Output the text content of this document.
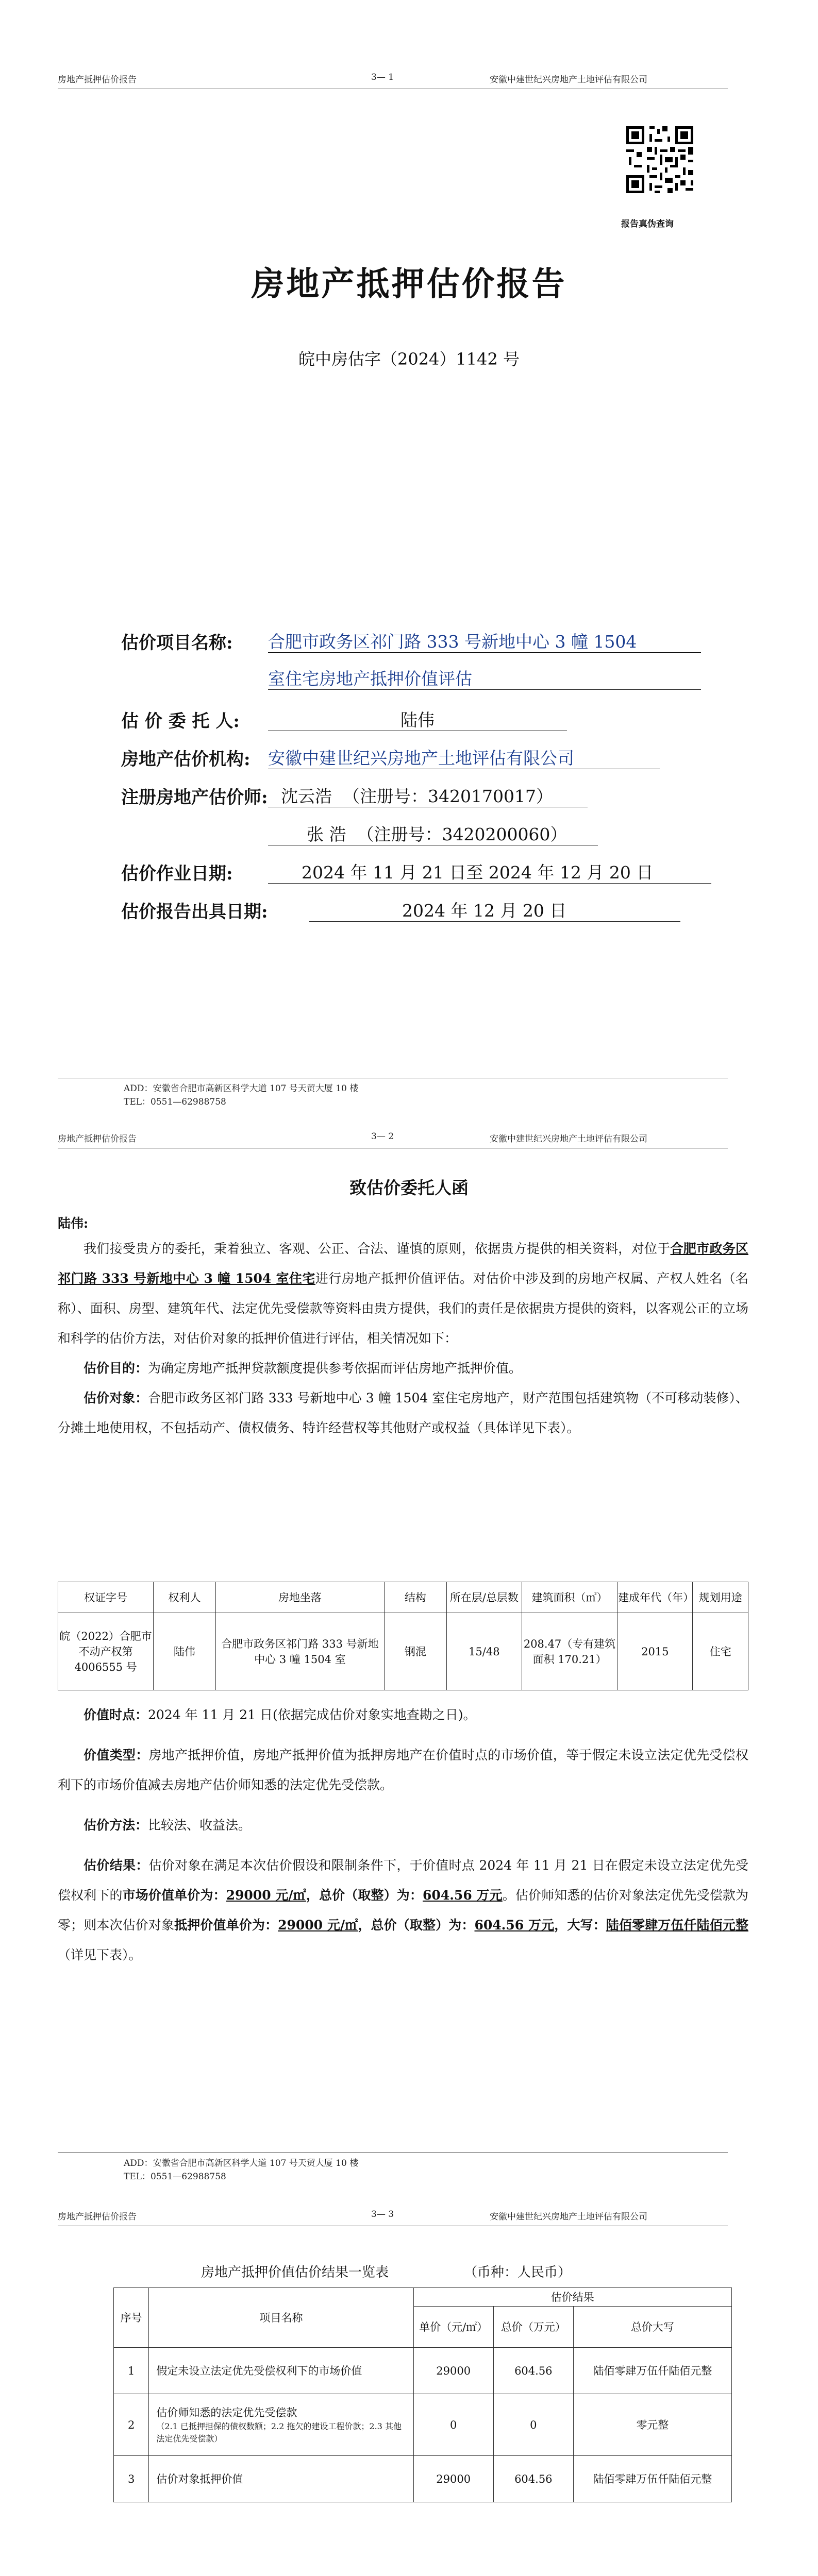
房地产抵押估价报告	3— 1	安徽中建世纪兴房地产土地评估有限公司
报告真伪查询
房地产抵押估价报告
皖中房估字（2024）1142 号
估价项目名称: 合肥市政务区祁门路 333 号新地中心 3 幢 1504
室住宅房地产抵押价值评估
估 价 委 托 人:	陆伟
房地产估价机构: 安徽中建世纪兴房地产土地评估有限公司
注册房地产估价师: 沈云浩  （注册号：3420170017）
张 浩  （注册号：3420200060）
估价作业日期:	2024 年 11 月 21 日至 2024 年 12 月 20 日
估价报告出具日期:	2024 年 12 月 20 日
ADD：安徽省合肥市高新区科学大道 107 号天贸大厦 10 楼
TEL：0551—62988758
房地产抵押估价报告	3— 2	安徽中建世纪兴房地产土地评估有限公司
致估价委托人函
陆伟:
我们接受贵方的委托，秉着独立、客观、公正、合法、谨慎的原则，依据贵方提供的相关资料，对位于合肥市政务区祁门路 333 号新地中心 3 幢 1504 室住宅进行房地产抵押价值评估。对估价中涉及到的房地产权属、产权人姓名（名称）、面积、房型、建筑年代、法定优先受偿款等资料由贵方提供，我们的责任是依据贵方提供的资料，以客观公正的立场和科学的估价方法，对估价对象的抵押价值进行评估，相关情况如下：
估价目的：为确定房地产抵押贷款额度提供参考依据而评估房地产抵押价值。
估价对象：合肥市政务区祁门路 333 号新地中心 3 幢 1504 室住宅房地产，财产范围包括建筑物（不可移动装修）、分摊土地使用权，不包括动产、债权债务、特许经营权等其他财产或权益（具体详见下表）。
权证字号	权利人	房地坐落	结构	所在层/总层数	建筑面积（㎡）	建成年代（年）	规划用途
皖（2022）合肥市不动产权第 4006555 号	陆伟	合肥市政务区祁门路 333 号新地中心 3 幢 1504 室	钢混	15/48	208.47（专有建筑面积 170.21）	2015	住宅
价值时点：2024 年 11 月 21 日(依据完成估价对象实地查勘之日)。
价值类型：房地产抵押价值，房地产抵押价值为抵押房地产在价值时点的市场价值，等于假定未设立法定优先受偿权利下的市场价值减去房地产估价师知悉的法定优先受偿款。
估价方法：比较法、收益法。
估价结果：估价对象在满足本次估价假设和限制条件下，于价值时点 2024 年 11 月 21 日在假定未设立法定优先受偿权利下的市场价值单价为：29000 元/㎡，总价（取整）为：604.56 万元。估价师知悉的估价对象法定优先受偿款为零；则本次估价对象抵押价值单价为：29000 元/㎡，总价（取整）为：604.56 万元，大写：陆佰零肆万伍仟陆佰元整（详见下表）。
ADD：安徽省合肥市高新区科学大道 107 号天贸大厦 10 楼
TEL：0551—62988758
房地产抵押估价报告	3— 3	安徽中建世纪兴房地产土地评估有限公司
房地产抵押价值估价结果一览表	（币种：人民币）
序号	项目名称	估价结果		
		单价（元/㎡）	总价（万元）	总价大写
1	假定未设立法定优先受偿权利下的市场价值	29000	604.56	陆佰零肆万伍仟陆佰元整
2	估价师知悉的法定优先受偿款
（2.1 已抵押担保的债权数额；2.2 拖欠的建设工程价款；2.3 其他法定优先受偿款）	0	0	零元整
3	估价对象抵押价值	29000	604.56	陆佰零肆万伍仟陆佰元整
